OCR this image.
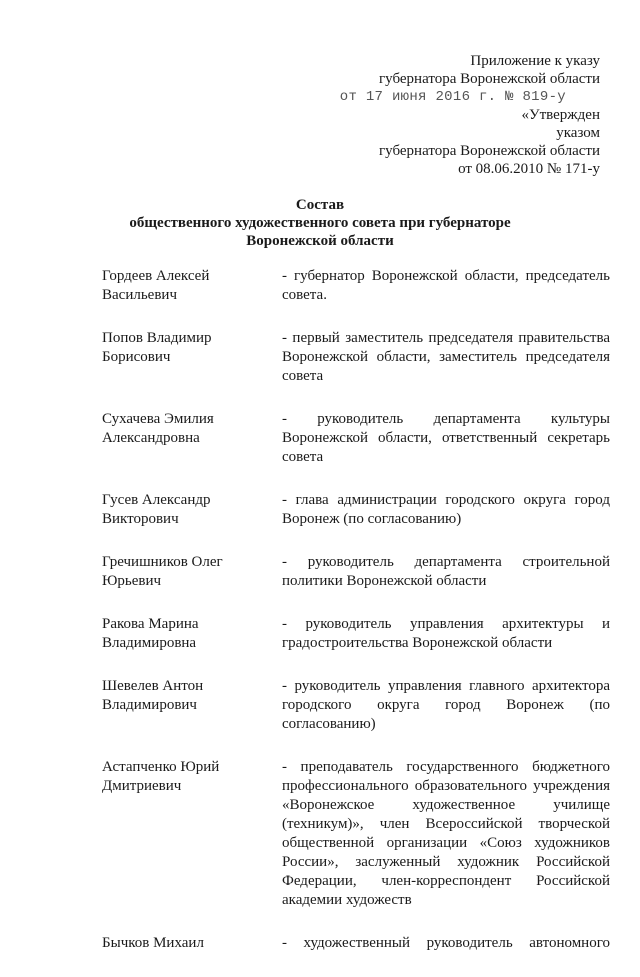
Приложение к указу
губернатора Воронежской области
от 17 июня 2016 г. № 819-у
«Утвержден
указом
губернатора Воронежской области
от 08.06.2010 № 171-у
Состав
общественного художественного совета при губернаторе
Воронежской области
Гордеев Алексей
Васильевич
- губернатор Воронежской области, председатель совета.
Попов Владимир
Борисович
- первый заместитель председателя правительства Воронежской области, заместитель председателя совета
Сухачева Эмилия
Александровна
- руководитель департамента культуры Воронежской области, ответственный секретарь совета
Гусев Александр
Викторович
- глава администрации городского округа город Воронеж (по согласованию)
Гречишников Олег
Юрьевич
- руководитель департамента строительной политики Воронежской области
Ракова Марина
Владимировна
- руководитель управления архитектуры и градостроительства Воронежской области
Шевелев Антон
Владимирович
- руководитель управления главного архитектора городского округа город Воронеж (по согласованию)
Астапченко Юрий
Дмитриевич
- преподаватель государственного бюджетного профессионального образовательного учреждения «Воронежское художественное училище (техникум)», член Всероссийской творческой общественной организации «Союз художников России», заслуженный художник Российской Федерации, член-корреспондент Российской академии художеств
Бычков Михаил	- художественный руководитель автономного
